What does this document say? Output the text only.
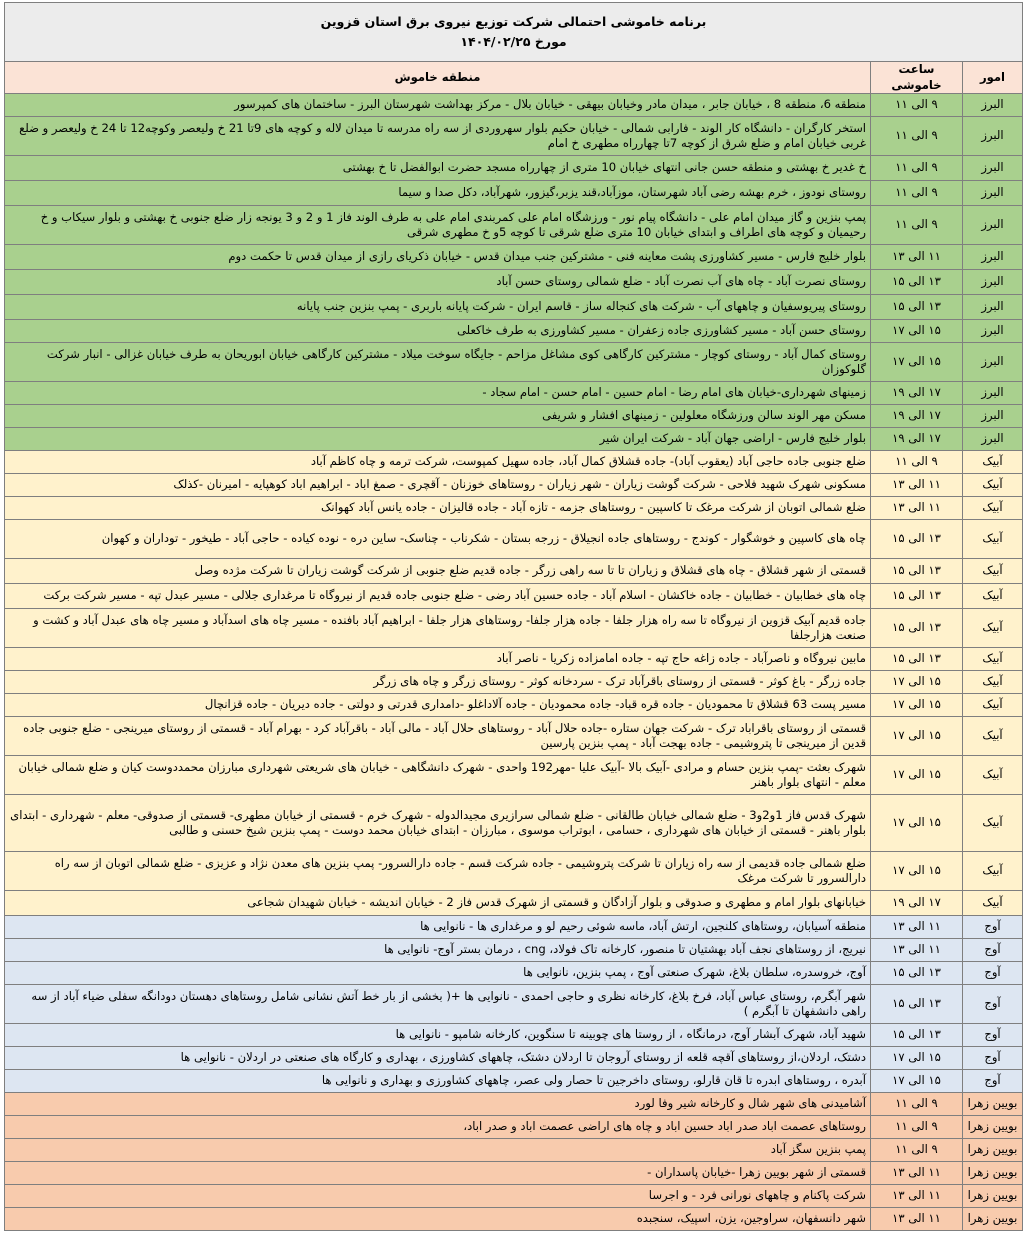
برنامه خاموشی احتمالی شرکت توزیع نیروی برق استان قزوین
مورخ ۱۴۰۴/۰۲/۲۵		

امور	ساعت خاموشی	منطقه خاموش
البرز	۹ الی ۱۱	منطقه 6، منطقه 8 ، خیابان جابر ، میدان مادر وخیابان بیهقی - خیابان بلال - مرکز بهداشت شهرستان البرز - ساختمان های کمپرسور
البرز	۹ الی ۱۱	استخر کارگران - دانشگاه کار الوند - فارابی شمالی - خیابان حکیم بلوار سهروردی از سه راه مدرسه تا میدان لاله و کوچه های 9تا 21 خ ولیعصر وکوچه12 تا 24 خ ولیعصر و ضلع غربی خیابان امام و ضلع شرق از کوچه 7تا چهارراه مطهری خ امام
البرز	۹ الی ۱۱	خ غدیر خ بهشتی و منطقه حسن جانی انتهای خیابان 10 متری از چهارراه مسجد حضرت ابوالفضل تا خ بهشتی
البرز	۹ الی ۱۱	روستای نودوز ، خرم بهشه رضی آباد شهرستان، موزآباد،قند یزبر،گیزور، شهرآباد، دکل صدا و سیما
البرز	۹ الی ۱۱	پمپ بنزین و گاز میدان امام علی - دانشگاه پیام نور - ورزشگاه امام علی کمربندی امام علی به طرف الوند فاز 1 و 2 و 3 یونجه زار ضلع جنوبی خ بهشتی و بلوار سیکاب و خ رحیمیان و کوچه های اطراف و ابتدای خیابان 10 متری ضلع شرقی تا کوچه 5و خ مطهری شرقی
البرز	۱۱ الی ۱۳	بلوار خلیج فارس - مسیر کشاورزی پشت معاینه فنی - مشترکین جنب میدان قدس - خیابان ذکریای رازی از میدان قدس تا حکمت دوم
البرز	۱۳ الی ۱۵	روستای نصرت آباد - چاه های آب نصرت آباد - ضلع شمالی روستای حسن آباد
البرز	۱۳ الی ۱۵	روستای پیریوسفیان و چاههای آب - شرکت های کنجاله ساز - قاسم ایران - شرکت پایانه باربری - پمپ بنزین جنب پایانه
البرز	۱۵ الی ۱۷	روستای حسن آباد - مسیر کشاورزی جاده زعفران - مسیر کشاورزی به طرف خاکعلی
البرز	۱۵ الی ۱۷	روستای کمال آباد - روستای کوچار - مشترکین کارگاهی کوی مشاغل مزاحم - جایگاه سوخت میلاد - مشترکین کارگاهی خیابان ابوریحان به طرف خیابان غزالی - انبار شرکت گلوکوزان
البرز	۱۷ الی ۱۹	زمینهای شهرداری-خیابان های امام رضا - امام حسین - امام حسن - امام سجاد -
البرز	۱۷ الی ۱۹	مسکن مهر الوند سالن ورزشگاه معلولین - زمینهای افشار و شریفی
البرز	۱۷ الی ۱۹	بلوار خلیج فارس - اراضی جهان آباد - شرکت ایران شیر
آبیک	۹ الی ۱۱	ضلع جنوبی جاده حاجی آباد (یعقوب آباد)- جاده قشلاق کمال آباد، جاده سهیل کمپوست، شرکت ترمه و چاه کاظم آباد
آبیک	۱۱ الی ۱۳	مسکونی شهرک شهید فلاحی - شرکت گوشت زیاران - شهر زیاران - روستاهای خوزنان - آقچری - صمغ اباد - ابراهیم اباد کوهپایه - امیرنان -کذلک
آبیک	۱۱ الی ۱۳	ضلع شمالی اتوبان از شرکت مرغک تا کاسپین - روستاهای جزمه - تازه آباد - جاده قالیزان - جاده یانس آباد کهوانک
آبیک	۱۳ الی ۱۵	چاه های کاسپین و خوشگوار - کوندج - روستاهای جاده انجیلاق - زرجه بستان - شکرناب - چناسک- ساین دره - نوده کیاده - حاجی آباد - طیخور - توداران و کهوان
آبیک	۱۳ الی ۱۵	قسمتی از شهر قشلاق - چاه های قشلاق و زیاران تا تا سه راهی زرگر - جاده قدیم ضلع جنوبی از شرکت گوشت زیاران تا شرکت مژده وصل
آبیک	۱۳ الی ۱۵	چاه های خطابیان - خطابیان - جاده خاکشان - اسلام آباد - جاده حسین آباد رضی - ضلع جنوبی جاده قدیم از نیروگاه تا مرغداری جلالی - مسیر عبدل تپه - مسیر شرکت برکت
آبیک	۱۳ الی ۱۵	جاده قدیم آبیک قزوین از نیروگاه تا سه راه هزار جلفا - جاده هزار جلفا- روستاهای هزار جلفا - ابراهیم آباد بافنده - مسیر چاه های اسدآباد و مسیر چاه های عبدل آباد و کشت و صنعت هزارجلفا
آبیک	۱۳ الی ۱۵	مابین نیروگاه و ناصرآباد - جاده زاغه حاج تپه - جاده امامزاده زکریا - ناصر آباد
آبیک	۱۵ الی ۱۷	جاده زرگر - باغ کوثر - قسمتی از روستای باقرآباد ترک - سردخانه کوثر - روستای زرگر و چاه های زرگر
آبیک	۱۵ الی ۱۷	مسیر پست 63 قشلاق تا محمودیان - جاده قره قباد- جاده محمودیان - جاده آلاداغلو -دامداری قدرتی و دولتی - جاده دیریان - جاده قزانچال
آبیک	۱۵ الی ۱۷	قسمتی از روستای باقراباد ترک - شرکت جهان ستاره -جاده حلال آباد - روستاهای حلال آباد - مالی آباد - باقرآباد کرد - بهرام آباد - قسمتی از روستای میرینجی - ضلع جنوبی جاده قدین از میرینجی تا پتروشیمی - جاده بهجت آباد - پمپ بنزین پارسین
آبیک	۱۵ الی ۱۷	شهرک بعثت -پمپ بنزین حسام و مرادی -آبیک بالا -آبیک علیا -مهر192 واحدی - شهرک دانشگاهی - خیابان های شریعتی شهرداری مبارزان محمددوست کیان و ضلع شمالی خیابان معلم - انتهای بلوار باهنر
آبیک	۱۵ الی ۱۷	شهرک قدس فاز 1و2و3 - ضلع شمالی خیابان طالقانی - ضلع شمالی سرازیری مجیدالدوله - شهرک خرم - قسمتی از خیابان مطهری- قسمتی از صدوقی- معلم - شهرداری - ابتدای بلوار باهنر - قسمتی از خیابان های شهرداری ، حسامی ، ابوتراب موسوی ، مبارزان - ابتدای خیابان محمد دوست - پمپ بنزین شیخ حسنی و طالبی
آبیک	۱۵ الی ۱۷	ضلع شمالی جاده قدیمی از سه راه زیاران تا شرکت پتروشیمی - جاده شرکت قسم - جاده دارالسرور- پمپ بنزین های معدن نژاد و عزیزی - ضلع شمالی اتوبان از سه راه دارالسرور تا شرکت مرغک
آبیک	۱۷ الی ۱۹	خیابانهای بلوار امام و مطهری و صدوقی و بلوار آزادگان و قسمتی از شهرک قدس فاز 2 - خیابان اندیشه - خیابان شهیدان شجاعی
آوج	۱۱ الی ۱۳	منطقه آسیابان، روستاهای کلنجین، ارتش آباد، ماسه شوئی رحیم لو و مرغداری ها - نانوایی ها
آوج	۱۱ الی ۱۳	نیریج، از روستاهای نجف آباد بهشتیان تا منصور، کارخانه تاک فولاد، cng ، درمان بستر آوج- نانوایی ها
آوج	۱۳ الی ۱۵	آوج، خروسدره، سلطان بلاغ، شهرک صنعتی آوج ، پمپ بنزین، نانوایی ها
آوج	۱۳ الی ۱۵	شهر آبگرم، روستای عباس آباد، فرخ بلاغ، کارخانه نظری و حاجی احمدی - نانوایی ها +( بخشی از بار خط آتش نشانی شامل روستاهای دهستان دودانگه سفلی ضیاء آباد از سه راهی دانشفهان تا آبگرم )
آوج	۱۳ الی ۱۵	شهید آباد، شهرک آبشار آوج، درمانگاه ، از روستا های چوبینه تا سنگوین، کارخانه شامپو - نانوایی ها
آوج	۱۵ الی ۱۷	دشتک، اردلان،از روستاهای آقچه قلعه از روستای آروجان تا اردلان دشتک، چاههای کشاورزی ، بهداری و کارگاه های صنعتی در اردلان - نانوایی ها
آوج	۱۵ الی ۱۷	آبدره ، روستاهای ابدره تا قان قارلو، روستای داخرجین تا حصار ولی عصر، چاههای کشاورزی و بهداری و نانوایی ها
بویین زهرا	۹ الی ۱۱	آشامیدنی های شهر شال و کارخانه شیر وفا لورد
بویین زهرا	۹ الی ۱۱	روستاهای عصمت اباد صدر اباد حسین اباد و چاه های اراضی عصمت اباد و صدر اباد،
بویین زهرا	۹ الی ۱۱	پمپ بنزین سگز آباد
بویین زهرا	۱۱ الی ۱۳	قسمتی از شهر بویین زهرا -خیابان پاسداران -
بویین زهرا	۱۱ الی ۱۳	شرکت پاکنام و چاههای نورانی فرد - و اجرسا
بویین زهرا	۱۱ الی ۱۳	شهر دانسفهان، سراوجین، یزن، اسپیک، سنجبده
